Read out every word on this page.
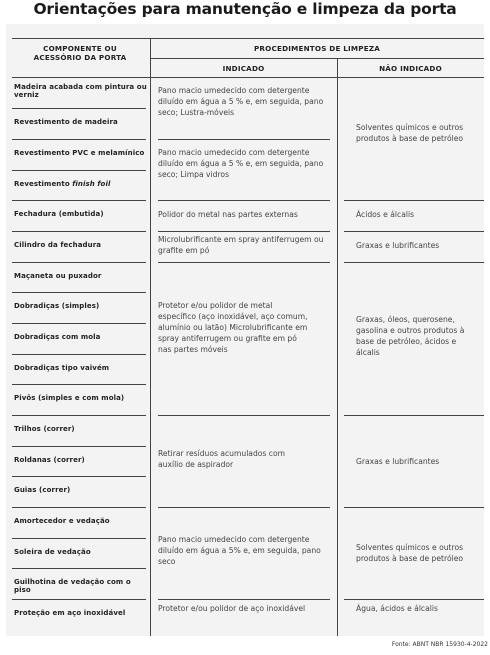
Orientações para manutenção e limpeza da porta
COMPONENTE OU ACESSÓRIO DA PORTA
PROCEDIMENTOS DE LIMPEZA
INDICADO	NÃO INDICADO
Madeira acabada com pintura ou verniz
Revestimento de madeira
Revestimento PVC e melamínico
Revestimento finish foil
Fechadura (embutida)
Cilindro da fechadura
Maçaneta ou puxador
Dobradiças (simples)
Dobradiças com mola
Dobradiças tipo vaivém
Pivôs (simples e com mola)
Trilhos (correr)
Roldanas (correr)
Guias (correr)
Amortecedor e vedação
Soleira de vedação
Guilhotina de vedação com o piso
Proteção em aço inoxidável
Pano macio umedecido com detergente diluído em água a 5 % e, em seguida, pano seco; Lustra-móveis
Pano macio umedecido com detergente diluído em água a 5 % e, em seguida, pano seco; Limpa vidros
Polidor do metal nas partes externas
Microlubrificante em spray antiferrugem ou grafite em pó
Protetor e/ou polidor de metal específico (aço inoxidável, aço comum, alumínio ou latão) Microlubrificante em spray antiferrugem ou grafite em pó nas partes móveis
Retirar resíduos acumulados com auxílio de aspirador
Pano macio umedecido com detergente diluído em água a 5% e, em seguida, pano seco
Protetor e/ou polidor de aço inoxidável
Solventes químicos e outros produtos à base de petróleo
Ácidos e álcalis
Graxas e lubrificantes
Graxas, óleos, querosene, gasolina e outros produtos à base de petróleo, ácidos e álcalis
Graxas e lubrificantes
Solventes químicos e outros produtos à base de petróleo
Água, ácidos e álcalis
Fonte: ABNT NBR 15930-4-2022
